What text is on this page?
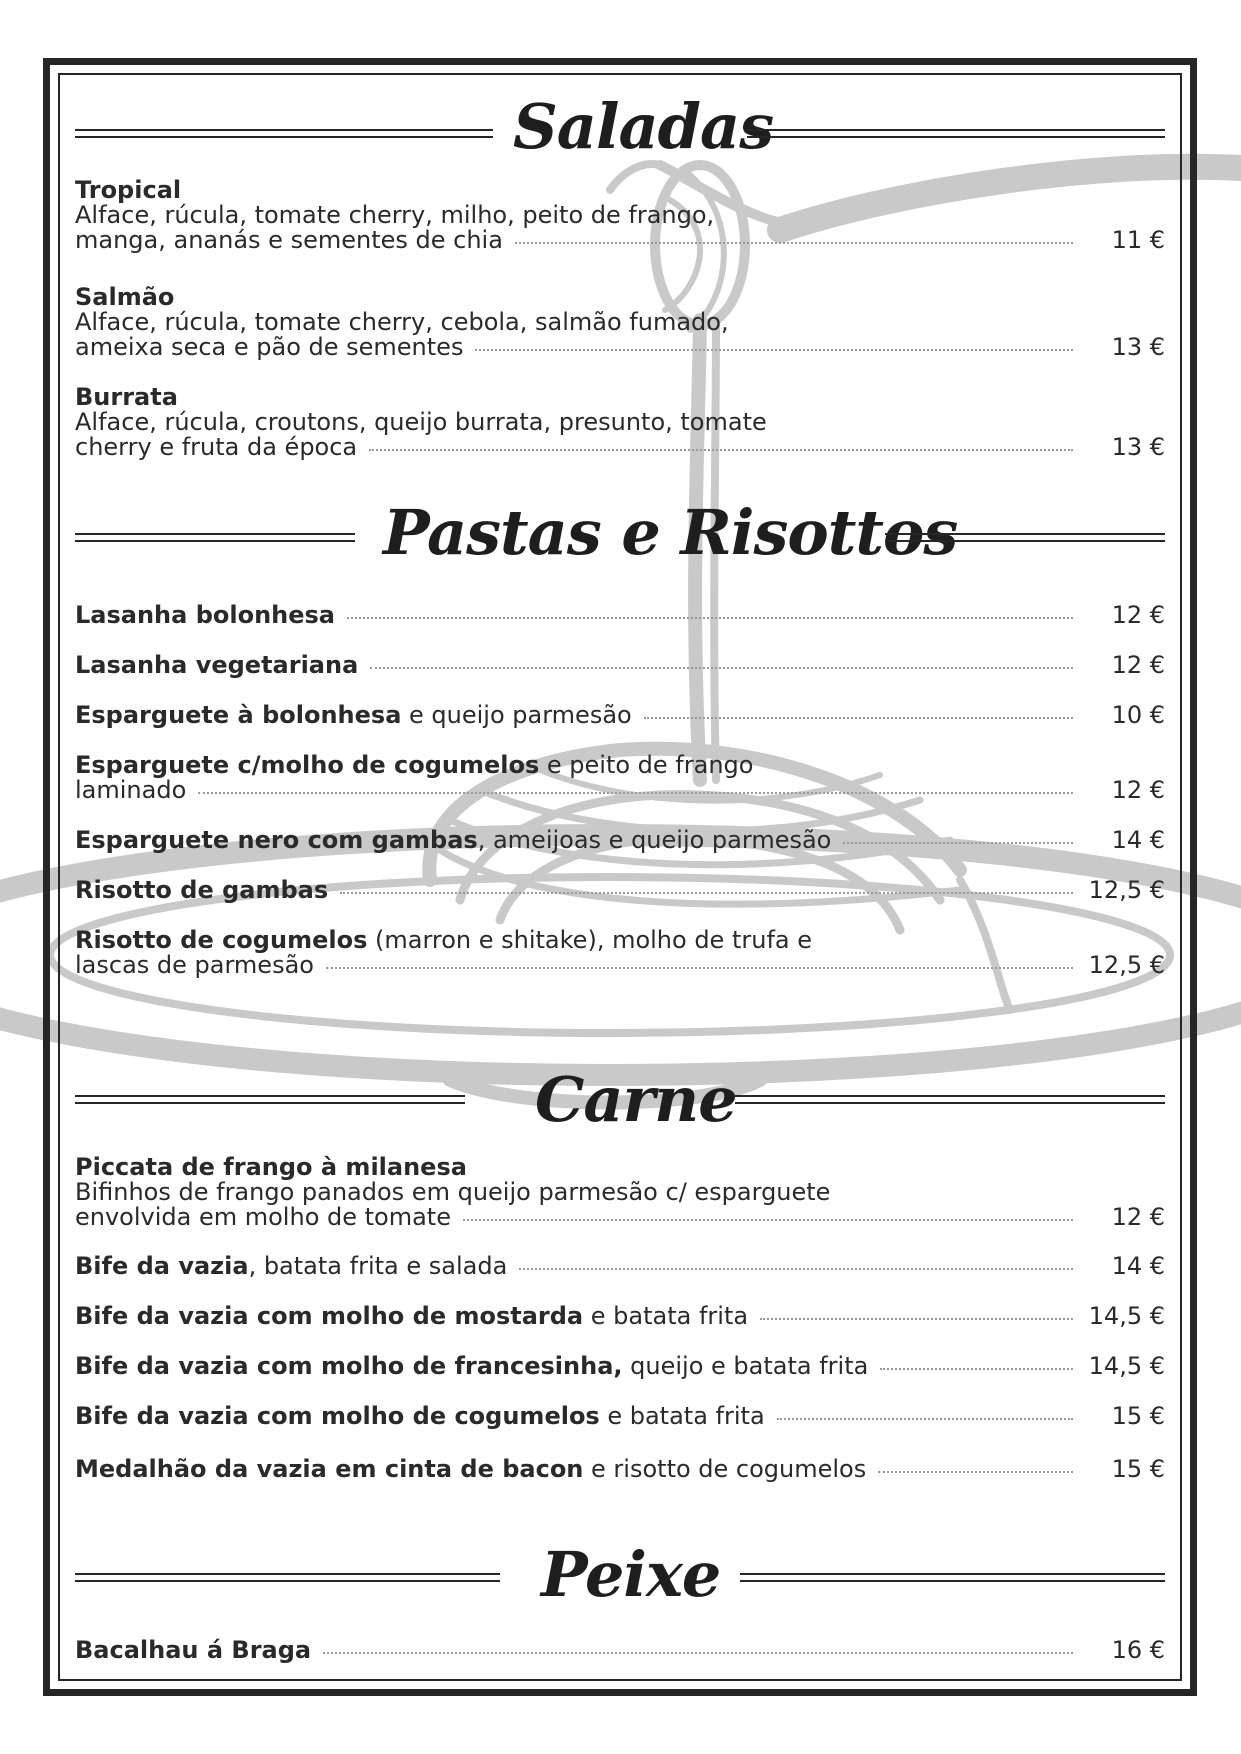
Saladas
Tropical
Alface, rúcula, tomate cherry, milho, peito de frango,
manga, ananás e sementes de chia	11 €
Salmão
Alface, rúcula, tomate cherry, cebola, salmão fumado,
ameixa seca e pão de sementes	13 €
Burrata
Alface, rúcula, croutons, queijo burrata, presunto, tomate
cherry e fruta da época	13 €
Pastas e Risottos
Lasanha bolonhesa	12 €
Lasanha vegetariana	12 €
Esparguete à bolonhesa e queijo parmesão	10 €
Esparguete c/molho de cogumelos e peito de frango
laminado	12 €
Esparguete nero com gambas, ameijoas e queijo parmesão	14 €
Risotto de gambas	12,5 €
Risotto de cogumelos (marron e shitake), molho de trufa e
lascas de parmesão	12,5 €
Carne
Piccata de frango à milanesa
Bifinhos de frango panados em queijo parmesão c/ esparguete
envolvida em molho de tomate	12 €
Bife da vazia, batata frita e salada	14 €
Bife da vazia com molho de mostarda e batata frita	14,5 €
Bife da vazia com molho de francesinha, queijo e batata frita	14,5 €
Bife da vazia com molho de cogumelos e batata frita	15 €
Medalhão da vazia em cinta de bacon e risotto de cogumelos	15 €
Peixe
Bacalhau á Braga	16 €
